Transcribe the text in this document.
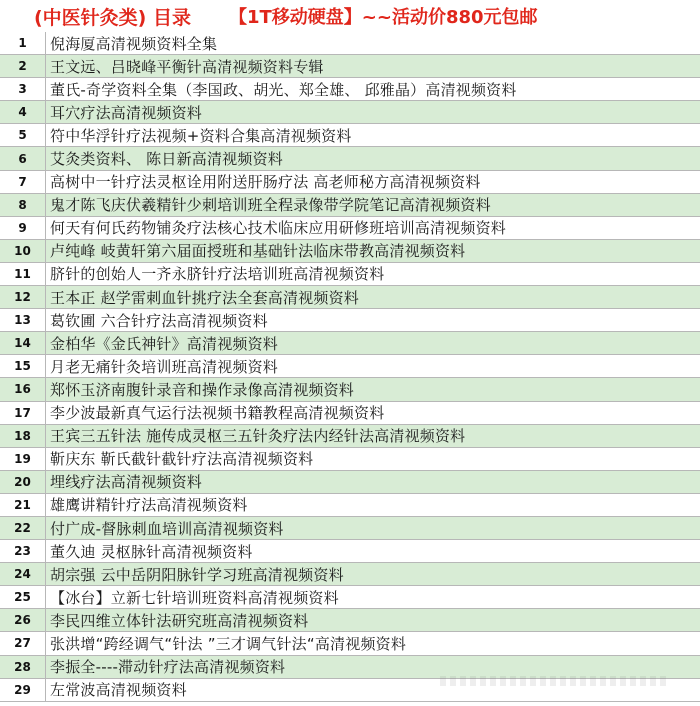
(中医针灸类) 目录 【1T移动硬盘】~~活动价880元包邮
1	倪海厦高清视频资料全集
2	王文远、吕晓峰平衡针高清视频资料专辑
3	董氏-奇学资料全集（李国政、胡光、郑全雄、 邱雅晶）高清视频资料
4	耳穴疗法高清视频资料
5	符中华浮针疗法视频+资料合集高清视频资料
6	艾灸类资料、 陈日新高清视频资料
7	高树中一针疗法灵枢诠用附送肝肠疗法 高老师秘方高清视频资料
8	鬼才陈飞庆伏羲精针少刺培训班全程录像带学院笔记高清视频资料
9	何天有何氏药物铺灸疗法核心技术临床应用研修班培训高清视频资料
10	卢纯峰 岐黄轩第六届面授班和基础针法临床带教高清视频资料
11	脐针的创始人一齐永脐针疗法培训班高清视频资料
12	王本正 赵学雷刺血针挑疗法全套高清视频资料
13	葛钦圃 六合针疗法高清视频资料
14	金柏华《金氏神针》高清视频资料
15	月老无痛针灸培训班高清视频资料
16	郑怀玉济南腹针录音和操作录像高清视频资料
17	李少波最新真气运行法视频书籍教程高清视频资料
18	王宾三五针法 施传成灵枢三五针灸疗法内经针法高清视频资料
19	靳庆东 靳氏截针截针疗法高清视频资料
20	埋线疗法高清视频资料
21	雄鹰讲精针疗法高清视频资料
22	付广成-督脉刺血培训高清视频资料
23	董久迪 灵枢脉针高清视频资料
24	胡宗强 云中岳阴阳脉针学习班高清视频资料
25	【冰台】立新七针培训班资料高清视频资料
26	李民四维立体针法研究班高清视频资料
27	张洪增“跨经调气“针法 ”三才调气针法“高清视频资料
28	李振全----滞动针疗法高清视频资料
29	左常波高清视频资料
